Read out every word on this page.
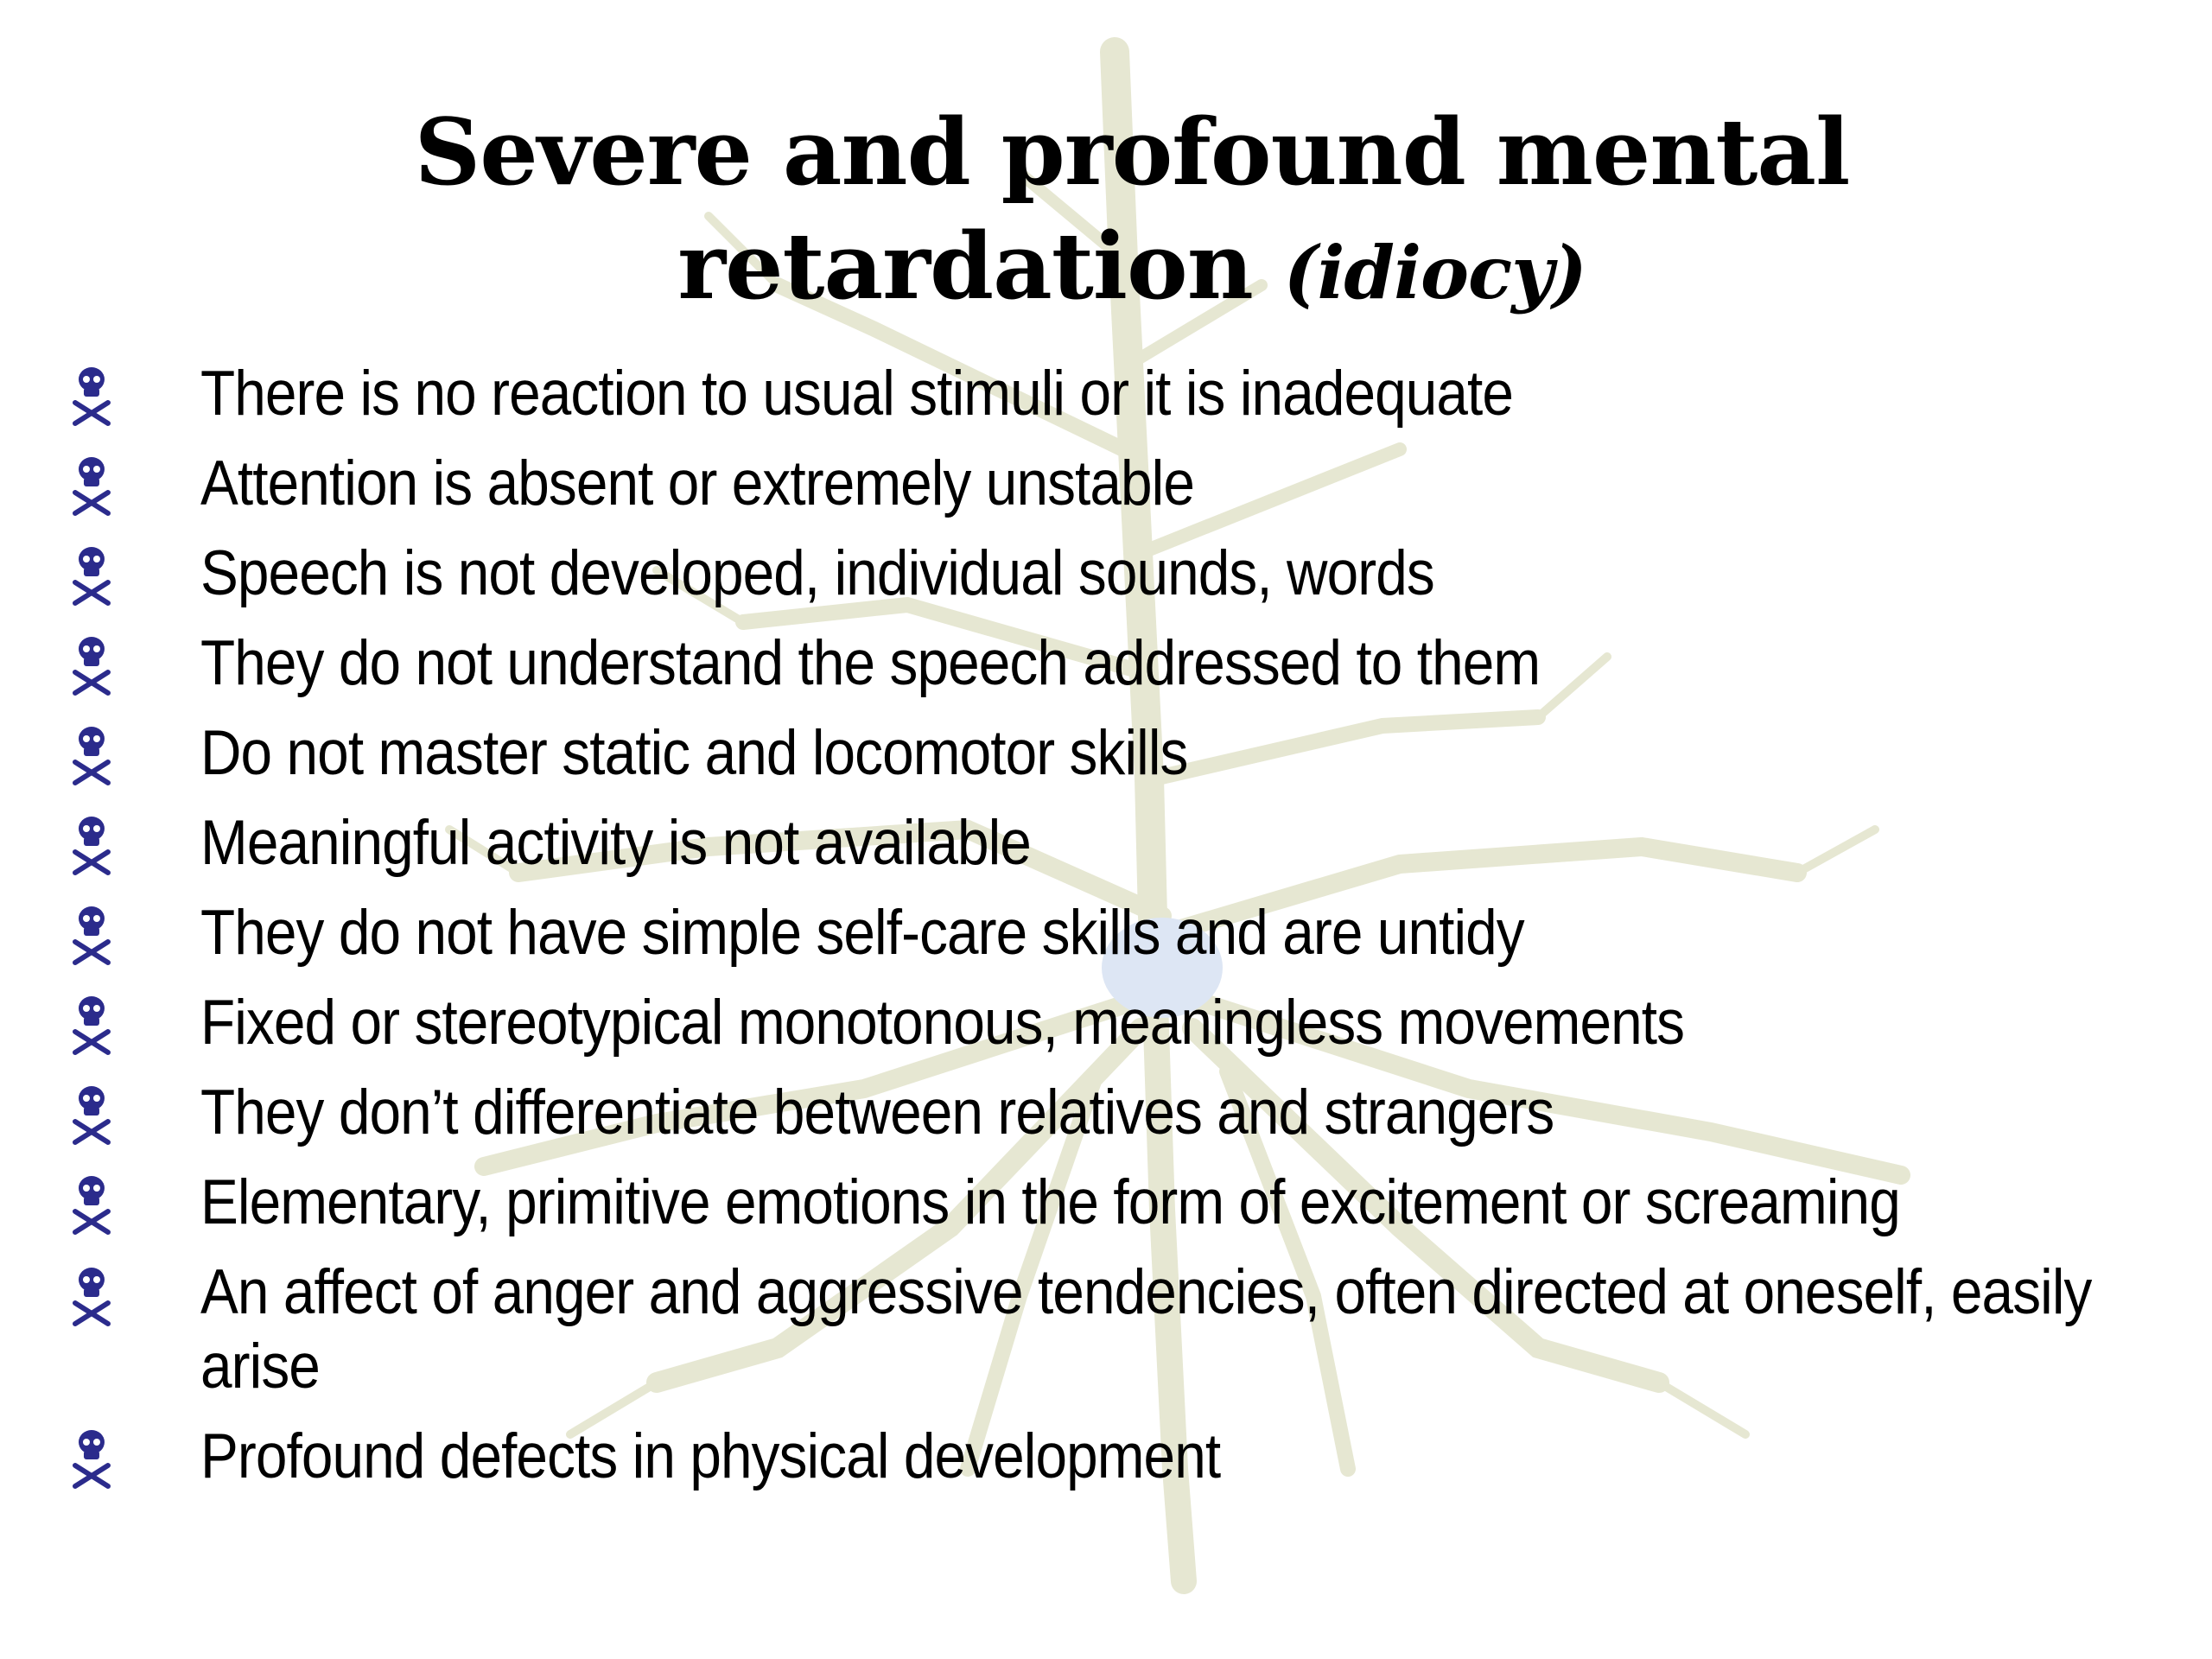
Severe and profound mental
retardation (idiocy)
There is no reaction to usual stimuli or it is inadequate
Attention is absent or extremely unstable
Speech is not developed, individual sounds, words
They do not understand the speech addressed to them
Do not master static and locomotor skills
Meaningful activity is not available
They do not have simple self-care skills and are untidy
Fixed or stereotypical monotonous, meaningless movements
They don’t differentiate between relatives and strangers
Elementary, primitive emotions in the form of excitement or screaming
An affect of anger and aggressive tendencies, often directed at oneself, easily arise
Profound defects in physical development
